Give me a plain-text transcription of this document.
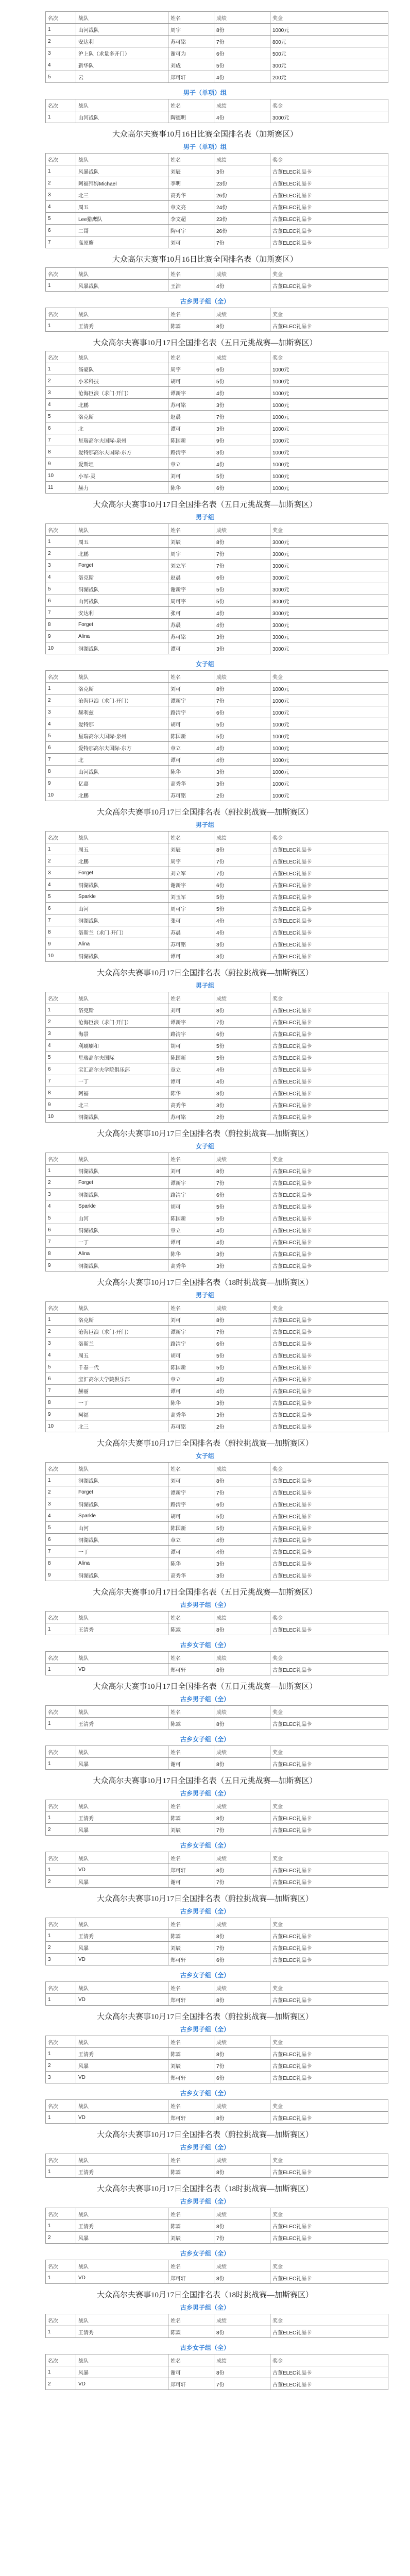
名次	战队	姓名	成绩	奖金
1	山河战队	周宇	8份	1000元
2	安达利	苏可铭	7份	800元
3	沪上队（求量多开门）	谢可为	6份	500元
4	新华队	刘成	5份	300元
5	云	郑可轩	4份	200元
男子（单项）组
名次	战队	姓名	成绩	奖金
1	山河战队	陶德明	4份	3000元
大众高尔夫赛事10月16日比赛全国排名表（加斯赛区）
男子（单项）组
名次	战队	姓名	成绩	奖金
1	风暴战队	刘辰	3份	古董ELEC礼品卡
2	阿福拜姆Michael	李明	23份	古董ELEC礼品卡
3	北三	高秀华	26份	古董ELEC礼品卡
4	周五	章文亮	24份	古董ELEC礼品卡
5	Lee猎鹰队	李文超	23份	古董ELEC礼品卡
6	二哥	陶可宇	26份	古董ELEC礼品卡
7	高原鹰	刘可	7份	古董ELEC礼品卡
大众高尔夫赛事10月16日比赛全国排名表（加斯赛区）
名次	战队	姓名	成绩	奖金
1	风暴战队	王浩	4份	古董ELEC礼品卡
古乡男子组（全）
名次	战队	姓名	成绩	奖金
1	王清秀	陈霖	8份	古董ELEC礼品卡
大众高尔夫赛事10月17日全国排名表（五日元挑战赛—加斯赛区）
名次	战队	姓名	成绩	奖金
1	汤豪队	周宇	6份	1000元
2	小米科技	胡可	5份	1000元
3	沧海巨浪（求门·开门）	谭新宇	4份	1000元
4	北鹏	苏可铭	3份	1000元
5	洛克斯	赵晨	7份	1000元
6	北	谭可	3份	1000元
7	星瑞高尔夫国际-泉州	陈国新	9份	1000元
8	爱特那高尔夫国际-东方	路清宇	3份	1000元
9	爱斯坦	章立	4份	1000元
10	小军-灵	刘可	5份	1000元
11	赫力	陈华	6份	1000元
大众高尔夫赛事10月17日全国排名表（五日元挑战赛—加斯赛区）
男子组
名次	战队	姓名	成绩	奖金
1	周五	刘辰	8份	3000元
2	北鹏	周宇	7份	3000元
3	Forget	刘立军	7份	3000元
4	洛克斯	赵晨	6份	3000元
5	洞湖战队	谢新宇	5份	3000元
6	山河战队	周可宇	5份	3000元
7	安达利	张可	4份	3000元
8	Forget	苏晨	4份	3000元
9	Alina	苏可铭	3份	3000元
10	洞湖战队	谭可	3份	3000元
女子组
名次	战队	姓名	成绩	奖金
1	洛克斯	刘可	8份	1000元
2	沧海巨浪（求门·开门）	谭新宇	7份	1000元
3	赫利兹	路清宇	6份	1000元
4	爱特那	胡可	5份	1000元
5	星瑞高尔夫国际-泉州	陈国新	5份	1000元
6	爱特那高尔夫国际-东方	章立	4份	1000元
7	北	谭可	4份	1000元
8	山河战队	陈华	3份	1000元
9	亿嘉	高秀华	3份	1000元
10	北鹏	苏可铭	2份	1000元
大众高尔夫赛事10月17日全国排名表（蔚拉挑战赛—加斯赛区）
男子组
名次	战队	姓名	成绩	奖金
1	周五	刘辰	8份	古董ELEC礼品卡
2	北鹏	周宇	7份	古董ELEC礼品卡
3	Forget	刘立军	7份	古董ELEC礼品卡
4	洞湖战队	谢新宇	6份	古董ELEC礼品卡
5	Sparkle	刘玉军	5份	古董ELEC礼品卡
6	山河	周可宇	5份	古董ELEC礼品卡
7	洞湖战队	张可	4份	古董ELEC礼品卡
8	洛斯兰（求门·开门）	苏晨	4份	古董ELEC礼品卡
9	Alina	苏可铭	3份	古董ELEC礼品卡
10	洞湖战队	谭可	3份	古董ELEC礼品卡
大众高尔夫赛事10月17日全国排名表（蔚拉挑战赛—加斯赛区）
男子组
名次	战队	姓名	成绩	奖金
1	洛克斯	刘可	8份	古董ELEC礼品卡
2	沧海巨浪（求门·开门）	谭新宇	7份	古董ELEC礼品卡
3	海景	路清宇	6份	古董ELEC礼品卡
4	利刷刷和	胡可	5份	古董ELEC礼品卡
5	星瑞高尔夫国际	陈国新	5份	古董ELEC礼品卡
6	宝汇高尔夫学院俱乐部	章立	4份	古董ELEC礼品卡
7	一丁	谭可	4份	古董ELEC礼品卡
8	阿福	陈华	3份	古董ELEC礼品卡
9	北三	高秀华	3份	古董ELEC礼品卡
10	洞湖战队	苏可铭	2份	古董ELEC礼品卡
大众高尔夫赛事10月17日全国排名表（蔚拉挑战赛—加斯赛区）
女子组
名次	战队	姓名	成绩	奖金
1	洞湖战队	刘可	8份	古董ELEC礼品卡
2	Forget	谭新宇	7份	古董ELEC礼品卡
3	洞湖战队	路清宇	6份	古董ELEC礼品卡
4	Sparkle	胡可	5份	古董ELEC礼品卡
5	山河	陈国新	5份	古董ELEC礼品卡
6	洞湖战队	章立	4份	古董ELEC礼品卡
7	一丁	谭可	4份	古董ELEC礼品卡
8	Alina	陈华	3份	古董ELEC礼品卡
9	洞湖战队	高秀华	3份	古董ELEC礼品卡
大众高尔夫赛事10月17日全国排名表（18时挑战赛—加斯赛区）
男子组
名次	战队	姓名	成绩	奖金
1	洛克斯	刘可	8份	古董ELEC礼品卡
2	沧海巨浪（求门·开门）	谭新宇	7份	古董ELEC礼品卡
3	洛斯兰	路清宇	6份	古董ELEC礼品卡
4	周五	胡可	5份	古董ELEC礼品卡
5	千春一代	陈国新	5份	古董ELEC礼品卡
6	宝汇高尔夫学院俱乐部	章立	4份	古董ELEC礼品卡
7	赫丽	谭可	4份	古董ELEC礼品卡
8	一丁	陈华	3份	古董ELEC礼品卡
9	阿福	高秀华	3份	古董ELEC礼品卡
10	北三	苏可铭	2份	古董ELEC礼品卡
大众高尔夫赛事10月17日全国排名表（蔚拉挑战赛—加斯赛区）
女子组
名次	战队	姓名	成绩	奖金
1	洞湖战队	刘可	8份	古董ELEC礼品卡
2	Forget	谭新宇	7份	古董ELEC礼品卡
3	洞湖战队	路清宇	6份	古董ELEC礼品卡
4	Sparkle	胡可	5份	古董ELEC礼品卡
5	山河	陈国新	5份	古董ELEC礼品卡
6	洞湖战队	章立	4份	古董ELEC礼品卡
7	一丁	谭可	4份	古董ELEC礼品卡
8	Alina	陈华	3份	古董ELEC礼品卡
9	洞湖战队	高秀华	3份	古董ELEC礼品卡
大众高尔夫赛事10月17日全国排名表（五日元挑战赛—加斯赛区）
古乡男子组（全）
名次	战队	姓名	成绩	奖金
1	王清秀	陈霖	8份	古董ELEC礼品卡
古乡女子组（全）
名次	战队	姓名	成绩	奖金
1	VD	郑可轩	8份	古董ELEC礼品卡
大众高尔夫赛事10月17日全国排名表（五日元挑战赛—加斯赛区）
古乡男子组（全）
名次	战队	姓名	成绩	奖金
1	王清秀	陈霖	8份	古董ELEC礼品卡
古乡女子组（全）
名次	战队	姓名	成绩	奖金
1	风暴	谢可	8份	古董ELEC礼品卡
大众高尔夫赛事10月17日全国排名表（五日元挑战赛—加斯赛区）
古乡男子组（全）
名次	战队	姓名	成绩	奖金
1	王清秀	陈霖	8份	古董ELEC礼品卡
2	风暴	刘辰	7份	古董ELEC礼品卡
古乡女子组（全）
名次	战队	姓名	成绩	奖金
1	VD	郑可轩	8份	古董ELEC礼品卡
2	风暴	谢可	7份	古董ELEC礼品卡
大众高尔夫赛事10月17日全国排名表（蔚拉挑战赛—加斯赛区）
古乡男子组（全）
名次	战队	姓名	成绩	奖金
1	王清秀	陈霖	8份	古董ELEC礼品卡
2	风暴	刘辰	7份	古董ELEC礼品卡
3	VD	郑可轩	6份	古董ELEC礼品卡
古乡女子组（全）
名次	战队	姓名	成绩	奖金
1	VD	郑可轩	8份	古董ELEC礼品卡
大众高尔夫赛事10月17日全国排名表（蔚拉挑战赛—加斯赛区）
古乡男子组（全）
名次	战队	姓名	成绩	奖金
1	王清秀	陈霖	8份	古董ELEC礼品卡
2	风暴	刘辰	7份	古董ELEC礼品卡
3	VD	郑可轩	6份	古董ELEC礼品卡
古乡女子组（全）
名次	战队	姓名	成绩	奖金
1	VD	郑可轩	8份	古董ELEC礼品卡
大众高尔夫赛事10月17日全国排名表（蔚拉挑战赛—加斯赛区）
古乡男子组（全）
名次	战队	姓名	成绩	奖金
1	王清秀	陈霖	8份	古董ELEC礼品卡
大众高尔夫赛事10月17日全国排名表（18时挑战赛—加斯赛区）
古乡男子组（全）
名次	战队	姓名	成绩	奖金
1	王清秀	陈霖	8份	古董ELEC礼品卡
2	风暴	刘辰	7份	古董ELEC礼品卡
古乡女子组（全）
名次	战队	姓名	成绩	奖金
1	VD	郑可轩	8份	古董ELEC礼品卡
大众高尔夫赛事10月17日全国排名表（18时挑战赛—加斯赛区）
古乡男子组（全）
名次	战队	姓名	成绩	奖金
1	王清秀	陈霖	8份	古董ELEC礼品卡
古乡女子组（全）
名次	战队	姓名	成绩	奖金
1	风暴	谢可	8份	古董ELEC礼品卡
2	VD	郑可轩	7份	古董ELEC礼品卡
